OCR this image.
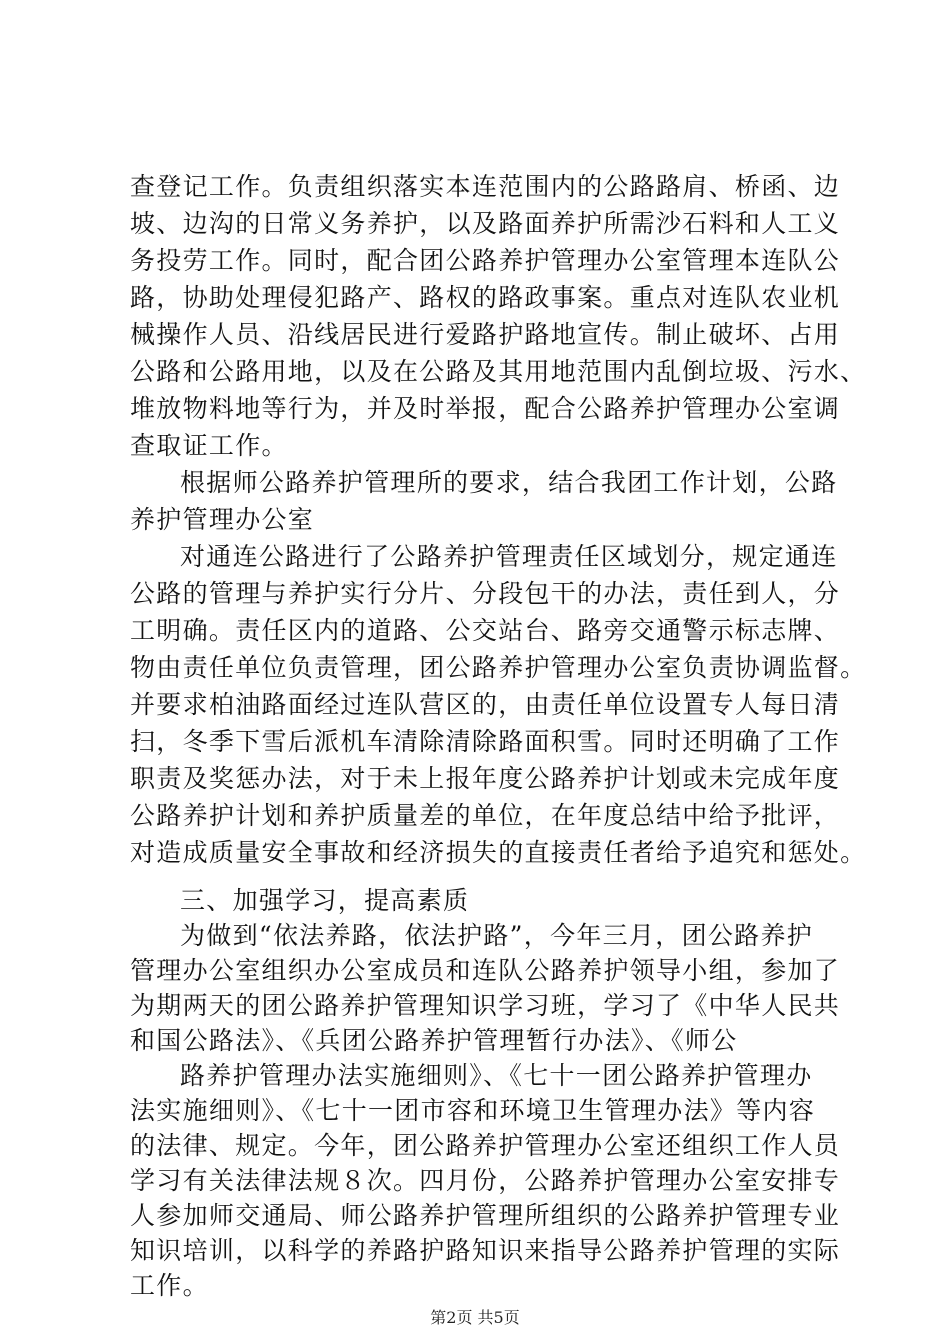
查登记工作。负责组织落实本连范围内的公路路肩、桥函、边
坡、边沟的日常义务养护，以及路面养护所需沙石料和人工义
务投劳工作。同时，配合团公路养护管理办公室管理本连队公
路，协助处理侵犯路产、路权的路政事案。重点对连队农业机
械操作人员、沿线居民进行爱路护路地宣传。制止破坏、占用
公路和公路用地，以及在公路及其用地范围内乱倒垃圾、污水、
堆放物料地等行为，并及时举报，配合公路养护管理办公室调
查取证工作。
根据师公路养护管理所的要求，结合我团工作计划，公路
养护管理办公室
对通连公路进行了公路养护管理责任区域划分，规定通连
公路的管理与养护实行分片、分段包干的办法，责任到人，分
工明确。责任区内的道路、公交站台、路旁交通警示标志牌、
物由责任单位负责管理，团公路养护管理办公室负责协调监督。
并要求柏油路面经过连队营区的，由责任单位设置专人每日清
扫，冬季下雪后派机车清除清除路面积雪。同时还明确了工作
职责及奖惩办法，对于未上报年度公路养护计划或未完成年度
公路养护计划和养护质量差的单位，在年度总结中给予批评，
对造成质量安全事故和经济损失的直接责任者给予追究和惩处。
三、加强学习，提高素质
为做到“依法养路，依法护路”，今年三月，团公路养护
管理办公室组织办公室成员和连队公路养护领导小组，参加了
为期两天的团公路养护管理知识学习班，学习了《中华人民共
和国公路法》、《兵团公路养护管理暂行办法》、《师公
路养护管理办法实施细则》、《七十一团公路养护管理办
法实施细则》、《七十一团市容和环境卫生管理办法》等内容
的法律、规定。今年，团公路养护管理办公室还组织工作人员
学习有关法律法规８次。四月份，公路养护管理办公室安排专
人参加师交通局、师公路养护管理所组织的公路养护管理专业
知识培训，以科学的养路护路知识来指导公路养护管理的实际
工作。
第2页 共5页
